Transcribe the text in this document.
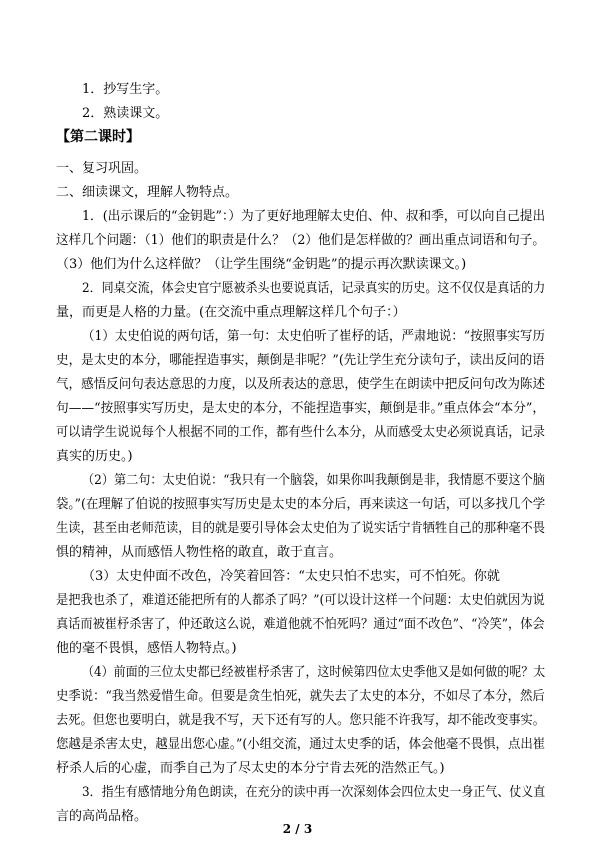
1．抄写生字。
2．熟读课文。
【第二课时】
一、复习巩固。
二、细读课文，理解人物特点。
1．(出示课后的“金钥匙”：）为了更好地理解太史伯、仲、叔和季，可以向自己提出
这样几个问题：（1）他们的职责是什么？（2）他们是怎样做的？画出重点词语和句子。
（3）他们为什么这样做？（让学生围绕“金钥匙”的提示再次默读课文。)
2．同桌交流，体会史官宁愿被杀头也要说真话，记录真实的历史。这不仅仅是真话的力
量，而更是人格的力量。(在交流中重点理解这样几个句子：）
（1）太史伯说的两句话，第一句：太史伯听了崔杼的话，严肃地说：“按照事实写历
史，是太史的本分，哪能捏造事实，颠倒是非呢？”(先让学生充分读句子，读出反问的语
气，感悟反问句表达意思的力度，以及所表达的意思，使学生在朗读中把反问句改为陈述
句——“按照事实写历史，是太史的本分，不能捏造事实，颠倒是非。”重点体会“本分”，
可以请学生说说每个人根据不同的工作，都有些什么本分，从而感受太史必须说真话，记录
真实的历史。)
（2）第二句：太史伯说：“我只有一个脑袋，如果你叫我颠倒是非，我情愿不要这个脑
袋。”(在理解了伯说的按照事实写历史是太史的本分后，再来读这一句话，可以多找几个学
生读，甚至由老师范读，目的就是要引导体会太史伯为了说实话宁肯牺牲自己的那种毫不畏
惧的精神，从而感悟人物性格的敢直，敢于直言。
（3）太史仲面不改色，冷笑着回答：“太史只怕不忠实，可不怕死。你就
是把我也杀了，难道还能把所有的人都杀了吗？”(可以设计这样一个问题：太史伯就因为说
真话而被崔杼杀害了，仲还敢这么说，难道他就不怕死吗？通过“面不改色”、“冷笑”，体会
他的毫不畏惧，感悟人物特点。)
（4）前面的三位太史都已经被崔杼杀害了，这时候第四位太史季他又是如何做的呢？太
史季说：“我当然爱惜生命。但要是贪生怕死，就失去了太史的本分，不如尽了本分，然后
去死。但您也要明白，就是我不写，天下还有写的人。您只能不许我写，却不能改变事实。
您越是杀害太史，越显出您心虚。”(小组交流，通过太史季的话，体会他毫不畏惧，点出崔
杼杀人后的心虚，而季自己为了尽太史的本分宁肯去死的浩然正气。)
3．指生有感情地分角色朗读，在充分的读中再一次深刻体会四位太史一身正气、仗义直
言的高尚品格。
2 / 3
